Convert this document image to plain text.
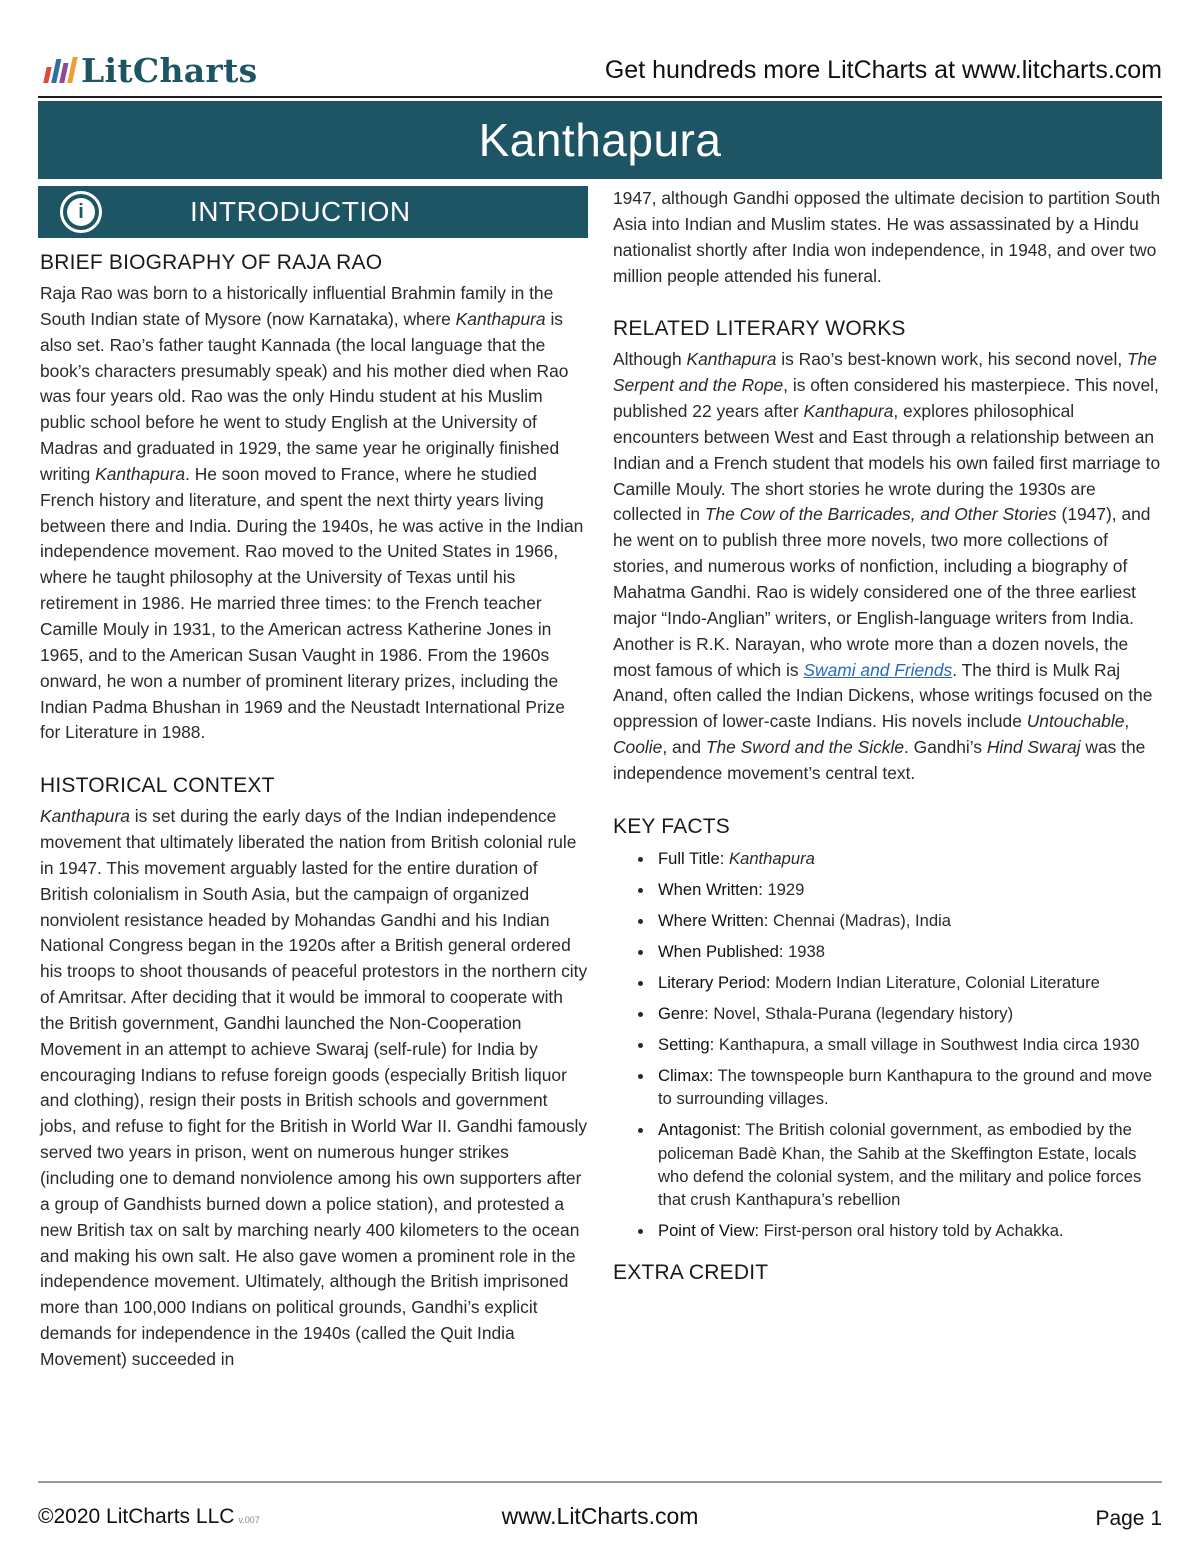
LitCharts	Get hundreds more LitCharts at www.litcharts.com
Kanthapura
i	INTRODUCTION
BRIEF BIOGRAPHY OF RAJA RAO

Raja Rao was born to a historically influential Brahmin family in the South Indian state of Mysore (now Karnataka), where Kanthapura is also set. Rao’s father taught Kannada (the local language that the book’s characters presumably speak) and his mother died when Rao was four years old. Rao was the only Hindu student at his Muslim public school before he went to study English at the University of Madras and graduated in 1929, the same year he originally finished writing Kanthapura. He soon moved to France, where he studied French history and literature, and spent the next thirty years living between there and India. During the 1940s, he was active in the Indian independence movement. Rao moved to the United States in 1966, where he taught philosophy at the University of Texas until his retirement in 1986. He married three times: to the French teacher Camille Mouly in 1931, to the American actress Katherine Jones in 1965, and to the American Susan Vaught in 1986. From the 1960s onward, he won a number of prominent literary prizes, including the Indian Padma Bhushan in 1969 and the Neustadt International Prize for Literature in 1988.

HISTORICAL CONTEXT

Kanthapura is set during the early days of the Indian independence movement that ultimately liberated the nation from British colonial rule in 1947. This movement arguably lasted for the entire duration of British colonialism in South Asia, but the campaign of organized nonviolent resistance headed by Mohandas Gandhi and his Indian National Congress began in the 1920s after a British general ordered his troops to shoot thousands of peaceful protestors in the northern city of Amritsar. After deciding that it would be immoral to cooperate with the British government, Gandhi launched the Non-Cooperation Movement in an attempt to achieve Swaraj (self-rule) for India by encouraging Indians to refuse foreign goods (especially British liquor and clothing), resign their posts in British schools and government jobs, and refuse to fight for the British in World War II. Gandhi famously served two years in prison, went on numerous hunger strikes (including one to demand nonviolence among his own supporters after a group of Gandhists burned down a police station), and protested a new British tax on salt by marching nearly 400 kilometers to the ocean and making his own salt. He also gave women a prominent role in the independence movement. Ultimately, although the British imprisoned more than 100,000 Indians on political grounds, Gandhi’s explicit demands for independence in the 1940s (called the Quit India Movement) succeeded in

1947, although Gandhi opposed the ultimate decision to partition South Asia into Indian and Muslim states. He was assassinated by a Hindu nationalist shortly after India won independence, in 1948, and over two million people attended his funeral.

RELATED LITERARY WORKS

Although Kanthapura is Rao’s best-known work, his second novel, The Serpent and the Rope, is often considered his masterpiece. This novel, published 22 years after Kanthapura, explores philosophical encounters between West and East through a relationship between an Indian and a French student that models his own failed first marriage to Camille Mouly. The short stories he wrote during the 1930s are collected in The Cow of the Barricades, and Other Stories (1947), and he went on to publish three more novels, two more collections of stories, and numerous works of nonfiction, including a biography of Mahatma Gandhi. Rao is widely considered one of the three earliest major “Indo-Anglian” writers, or English-language writers from India. Another is R.K. Narayan, who wrote more than a dozen novels, the most famous of which is Swami and Friends. The third is Mulk Raj Anand, often called the Indian Dickens, whose writings focused on the oppression of lower-caste Indians. His novels include Untouchable, Coolie, and The Sword and the Sickle. Gandhi’s Hind Swaraj was the independence movement’s central text.

KEY FACTS
Full Title: Kanthapura
When Written: 1929
Where Written: Chennai (Madras), India
When Published: 1938
Literary Period: Modern Indian Literature, Colonial Literature
Genre: Novel, Sthala-Purana (legendary history)
Setting: Kanthapura, a small village in Southwest India circa 1930
Climax: The townspeople burn Kanthapura to the ground and move to surrounding villages.
Antagonist: The British colonial government, as embodied by the policeman Badè Khan, the Sahib at the Skeffington Estate, locals who defend the colonial system, and the military and police forces that crush Kanthapura’s rebellion
Point of View: First-person oral history told by Achakka.
EXTRA CREDIT
©2020 LitCharts LLC v.007	www.LitCharts.com	Page 1
